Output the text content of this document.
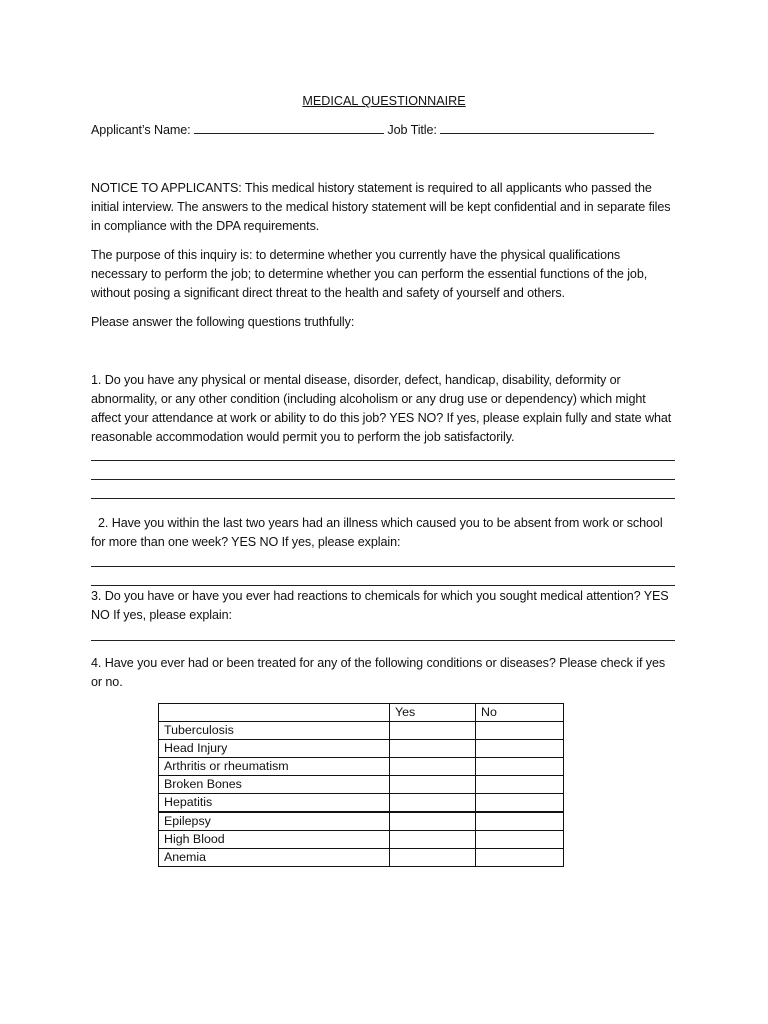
MEDICAL QUESTIONNAIRE

Applicant’s Name:	Job Title:

NOTICE TO APPLICANTS: This medical history statement is required to all applicants who passed the initial interview. The answers to the medical history statement will be kept confidential and in separate files in compliance with the DPA requirements.

The purpose of this inquiry is: to determine whether you currently have the physical qualifications necessary to perform the job; to determine whether you can perform the essential functions of the job, without posing a significant direct threat to the health and safety of yourself and others.

Please answer the following questions truthfully:

1. Do you have any physical or mental disease, disorder, defect, handicap, disability, deformity or abnormality, or any other condition (including alcoholism or any drug use or dependency) which might affect your attendance at work or ability to do this job? YES NO? If yes, please explain fully and state what reasonable accommodation would permit you to perform the job satisfactorily.

2. Have you within the last two years had an illness which caused you to be absent from work or school for more than one week? YES NO If yes, please explain:

3. Do you have or have you ever had reactions to chemicals for which you sought medical attention? YES NO If yes, please explain:

4. Have you ever had or been treated for any of the following conditions or diseases? Please check if yes or no.

	Yes	No
Tuberculosis		
Head Injury		
Arthritis or rheumatism		
Broken Bones		
Hepatitis		
Epilepsy		
High Blood		
Anemia		
